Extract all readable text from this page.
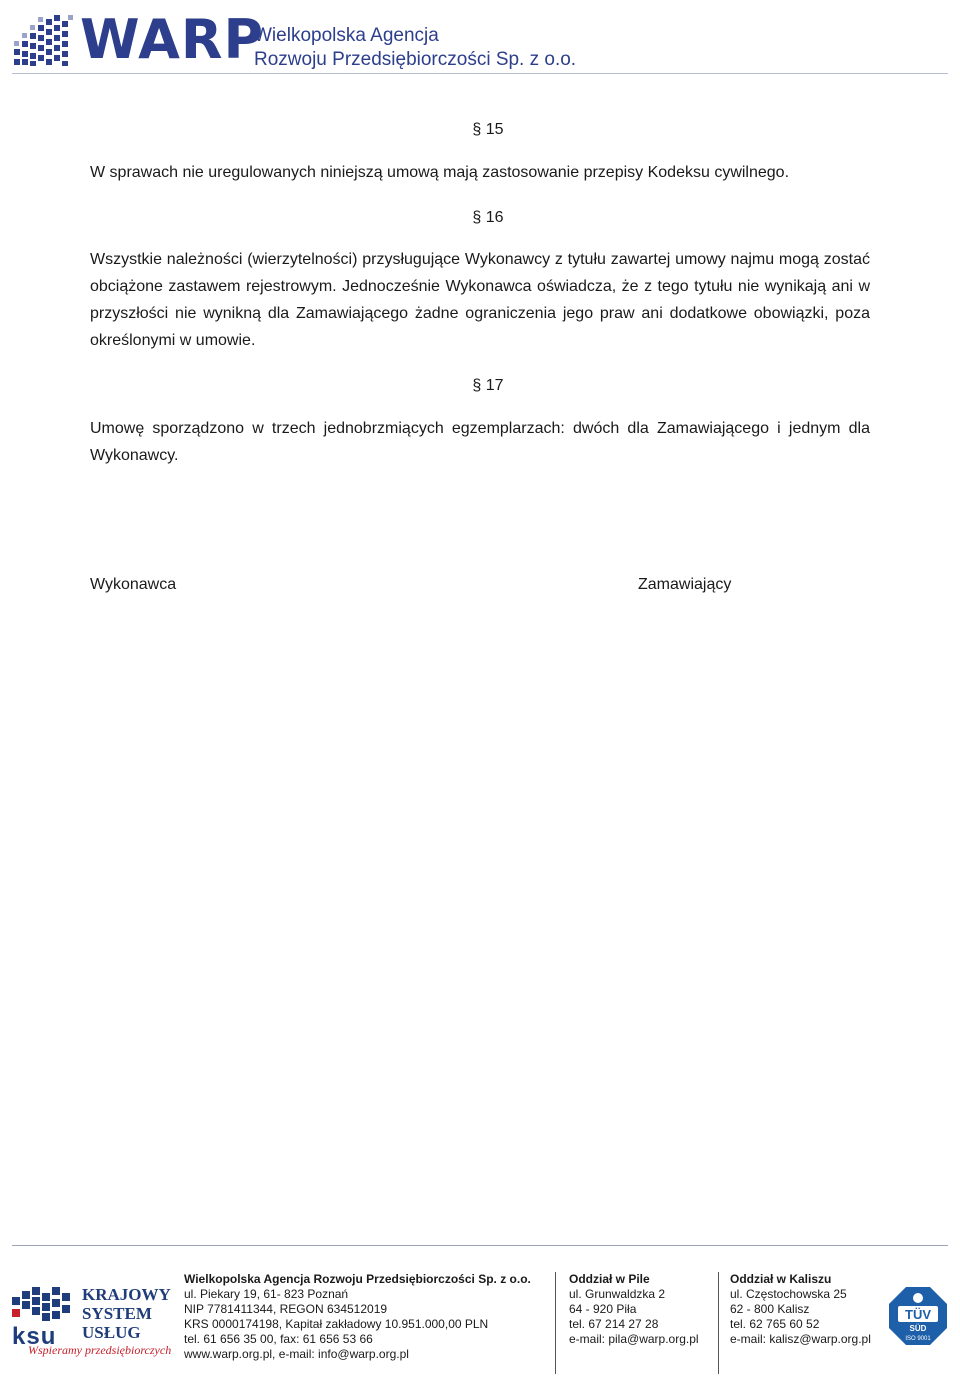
WARP
Wielkopolska Agencja
Rozwoju Przedsiębiorczości Sp. z o.o.
§ 15

W sprawach nie uregulowanych niniejszą umową mają zastosowanie przepisy Kodeksu cywilnego.

§ 16

Wszystkie należności (wierzytelności) przysługujące Wykonawcy z tytułu zawartej umowy najmu mogą zostać obciążone zastawem rejestrowym. Jednocześnie Wykonawca oświadcza, że z tego tytułu nie wynikają ani w przyszłości nie wynikną dla Zamawiającego żadne ograniczenia jego praw ani dodatkowe obowiązki, poza określonymi w umowie.

§ 17

Umowę sporządzono w trzech jednobrzmiących egzemplarzach: dwóch dla Zamawiającego i jednym dla Wykonawcy.

Wykonawca	Zamawiający
KRAJOWY
SYSTEM
USŁUG
ksu
Wspieramy przedsiębiorczych
Wielkopolska Agencja Rozwoju Przedsiębiorczości Sp. z o.o.
ul. Piekary 19, 61- 823 Poznań
NIP 7781411344, REGON 634512019
KRS 0000174198, Kapitał zakładowy 10.951.000,00 PLN
tel. 61 656 35 00, fax: 61 656 53 66
www.warp.org.pl, e-mail: info@warp.org.pl
Oddział w Pile
ul. Grunwaldzka 2
64 - 920 Piła
tel. 67 214 27 28
e-mail: pila@warp.org.pl
Oddział w Kaliszu
ul. Częstochowska 25
62 - 800 Kalisz
tel. 62 765 60 52
e-mail: kalisz@warp.org.pl
TÜV
SÜD
ISO 9001
